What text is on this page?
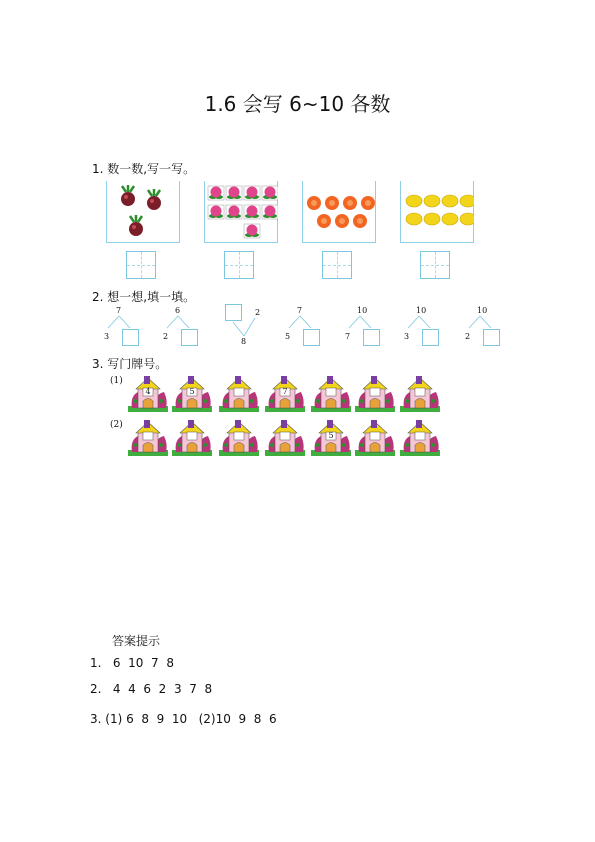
1.6 会写 6~10 各数
1. 数一数,写一写。
2. 想一想,填一填。
7
3
6
2
2
8
7
5
10
7
10
3
10
2
3. 写门牌号。
(1)
(2)
4	5	7
5
答案提示
1.   6  10  7  8
2.   4  4  6  2  3  7  8
3. (1) 6  8  9  10   (2)10  9  8  6
